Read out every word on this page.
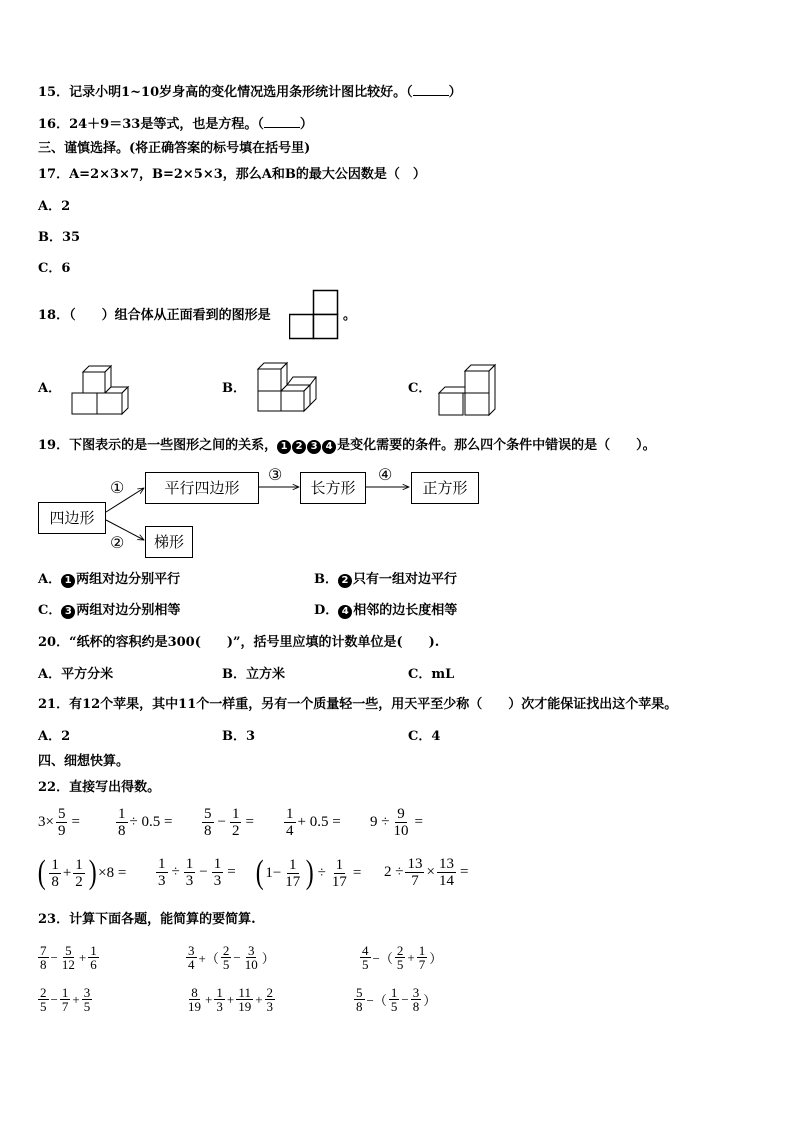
15．记录小明1~10岁身高的变化情况选用条形统计图比较好。（	）
16．24＋9＝33是等式，也是方程。（	）
三、谨慎选择。(将正确答案的标号填在括号里)
17．A=2×3×7，B=2×5×3，那么A和B的最大公因数是（　）
A．2
B．35
C．6
18．（　　）组合体从正面看到的图形是	。
A．	B．	C．
19．下图表示的是一些图形之间的关系， 1 2 3 4 是变化需要的条件。那么四个条件中错误的是（　　）。
四边形
平行四边形	长方形	正方形
梯形
①
②
③	④
A． 1 两组对边分别平行	B． 2 只有一组对边平行
C． 3 两组对边分别相等	D． 4 相邻的边长度相等
20．“纸杯的容积约是300(　　)”，括号里应填的计数单位是(　　).
A．平方分米	B．立方米	C．mL
21．有12个苹果，其中11个一样重，另有一个质量轻一些，用天平至少称（　　）次才能保证找出这个苹果。
A．2	B．3	C．4
四、细想快算。
22．直接写出得数。
$3\times \frac{5}{9} = \frac{1}{8} \div 0.5 = \frac{5}{8} - \frac{1}{2} = \frac{1}{4} + 0.5 = 9 \div \frac{9}{10}$ =
( $\frac{1}{8} + \frac{1}{2}$ ) $\times 8 = \frac{1}{3} \div \frac{1}{3} - \frac{1}{3}$ = ( $1- \frac{1}{17}$ ) ÷ $\frac{1}{17} = 2 \div \frac{13}{7} \times \frac{13}{14}$ =
23．计算下面各题，能简算的要简算.
$\frac{7}{8} - \frac{5}{12} + \frac{1}{6}$	$\frac{3}{4}$ +（ $\frac{2}{5} - \frac{3}{10}$ ）	$\frac{4}{5}$ −（ $\frac{2}{5} + \frac{1}{7}$ ）
$\frac{2}{5} - \frac{1}{7} + \frac{3}{5}$	$\frac{8}{19} + \frac{1}{3} + \frac{11}{19} + \frac{2}{3}$	$\frac{5}{8}$ −（ $\frac{1}{5} - \frac{3}{8}$ ）
